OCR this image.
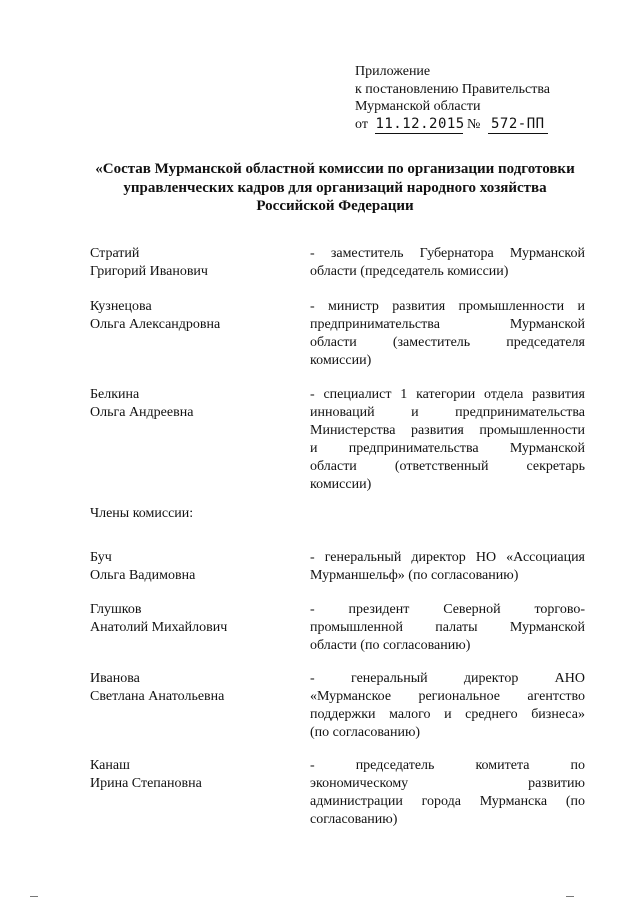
Приложение
к постановлению Правительства
Мурманской области
от 11.12.2015 № 572-ПП
«Состав Мурманской областной комиссии по организации подготовки
управленческих кадров для организаций народного хозяйства
Российской Федерации
Стратий
Григорий Иванович
- заместитель Губернатора Мурманской
области (председатель комиссии)
Кузнецова
Ольга Александровна
- министр развития промышленности и
предпринимательства Мурманской
области (заместитель председателя
комиссии)
Белкина
Ольга Андреевна
- специалист 1 категории отдела развития
инноваций и предпринимательства
Министерства развития промышленности
и предпринимательства Мурманской
области (ответственный секретарь
комиссии)
Члены комиссии:
Буч
Ольга Вадимовна
- генеральный директор НО «Ассоциация
Мурманшельф» (по согласованию)
Глушков
Анатолий Михайлович
- президент Северной торгово-
промышленной палаты Мурманской
области (по согласованию)
Иванова
Светлана Анатольевна
- генеральный директор АНО
«Мурманское региональное агентство
поддержки малого и среднего бизнеса»
(по согласованию)
Канаш
Ирина Степановна
- председатель комитета по
экономическому развитию
администрации города Мурманска (по
согласованию)
